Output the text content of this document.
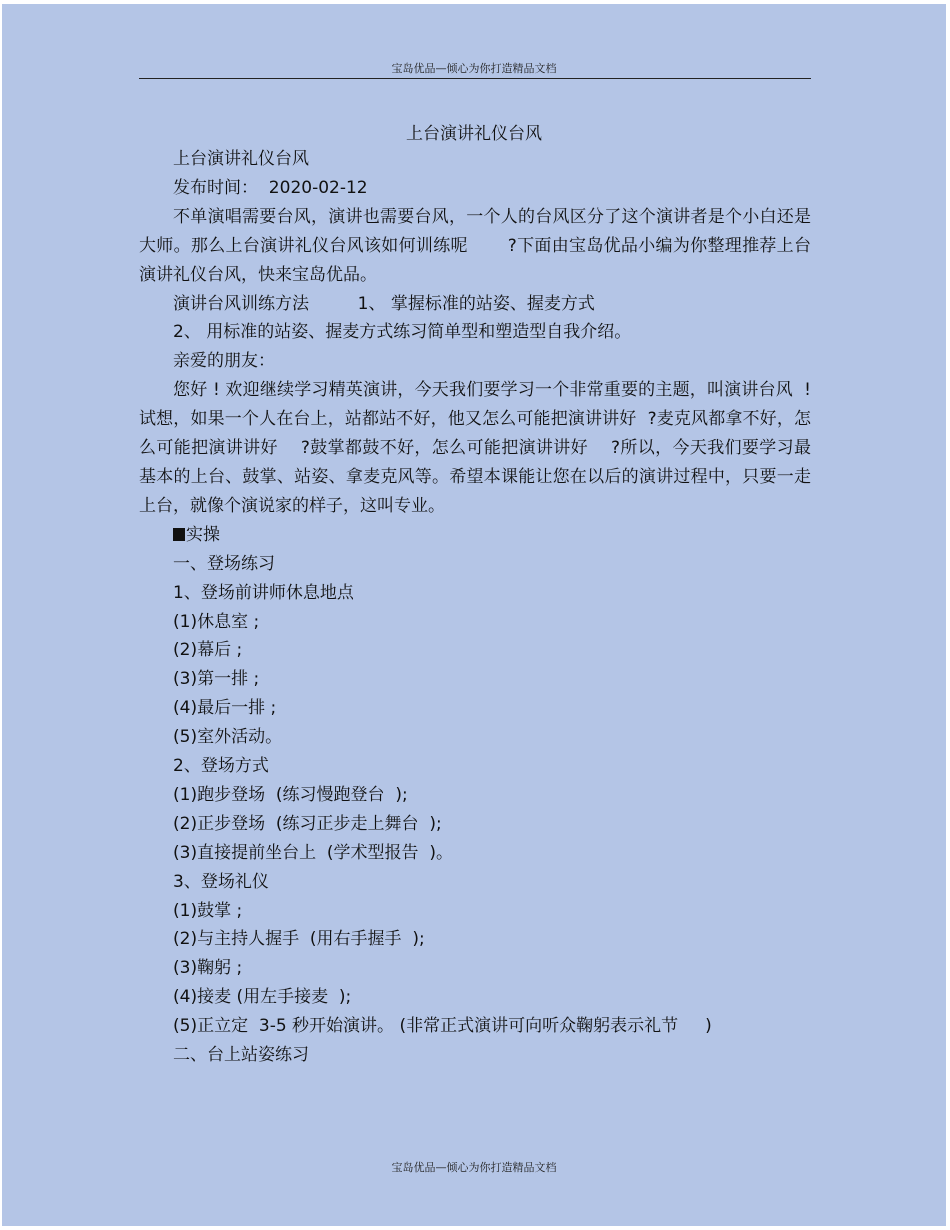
宝岛优品—倾心为你打造精品文档
上台演讲礼仪台风

上台演讲礼仪台风

发布时间：  2020-02-12

不单演唱需要台风，演讲也需要台风，一个人的台风区分了这个演讲者是个小白还是大师。那么上台演讲礼仪台风该如何训练呢       ?下面由宝岛优品小编为你整理推荐上台演讲礼仪台风，快来宝岛优品。

演讲台风训练方法         1、 掌握标准的站姿、握麦方式

2、 用标准的站姿、握麦方式练习简单型和塑造型自我介绍。

亲爱的朋友：

您好 ! 欢迎继续学习精英演讲，今天我们要学习一个非常重要的主题，叫演讲台风  ! 试想，如果一个人在台上，站都站不好，他又怎么可能把演讲讲好  ?麦克风都拿不好，怎么可能把演讲讲好    ?鼓掌都鼓不好，怎么可能把演讲讲好    ?所以，今天我们要学习最基本的上台、鼓掌、站姿、拿麦克风等。希望本课能让您在以后的演讲过程中，只要一走上台，就像个演说家的样子，这叫专业。

实操

一、登场练习

1、登场前讲师休息地点

(1)休息室 ;

(2)幕后 ;

(3)第一排 ;

(4)最后一排 ;

(5)室外活动。

2、登场方式

(1)跑步登场  (练习慢跑登台  );

(2)正步登场  (练习正步走上舞台  );

(3)直接提前坐台上  (学术型报告  )。

3、登场礼仪

(1)鼓掌 ;

(2)与主持人握手  (用右手握手  );

(3)鞠躬 ;

(4)接麦 (用左手接麦  );

(5)正立定  3-5 秒开始演讲。 (非常正式演讲可向听众鞠躬表示礼节     )

二、台上站姿练习

宝岛优品—倾心为你打造精品文档
